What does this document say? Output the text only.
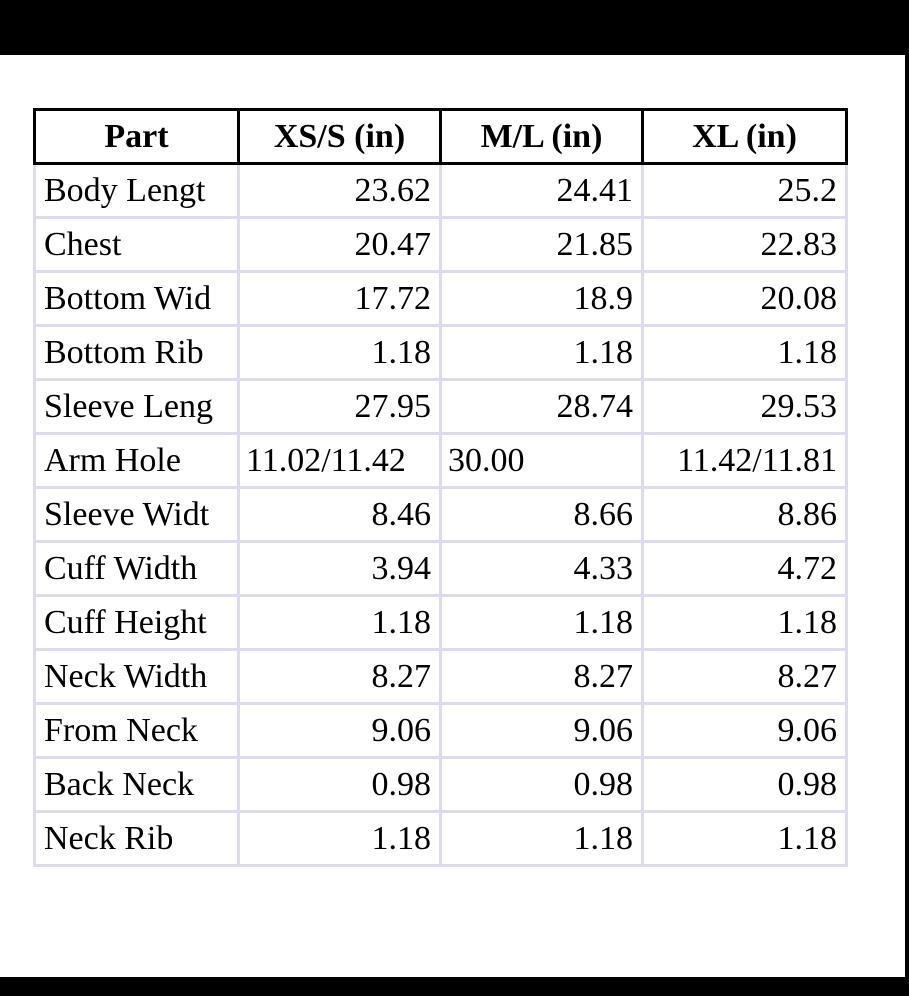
Part	XS/S (in)	M/L (in)	XL (in)
Body Lengt	23.62	24.41	25.2
Chest	20.47	21.85	22.83
Bottom Wid	17.72	18.9	20.08
Bottom Rib	1.18	1.18	1.18
Sleeve Leng	27.95	28.74	29.53
Arm Hole	11.02/11.42	30.00	11.42/11.81
Sleeve Widt	8.46	8.66	8.86
Cuff Width	3.94	4.33	4.72
Cuff Height	1.18	1.18	1.18
Neck Width	8.27	8.27	8.27
From Neck	9.06	9.06	9.06
Back Neck	0.98	0.98	0.98
Neck Rib	1.18	1.18	1.18
